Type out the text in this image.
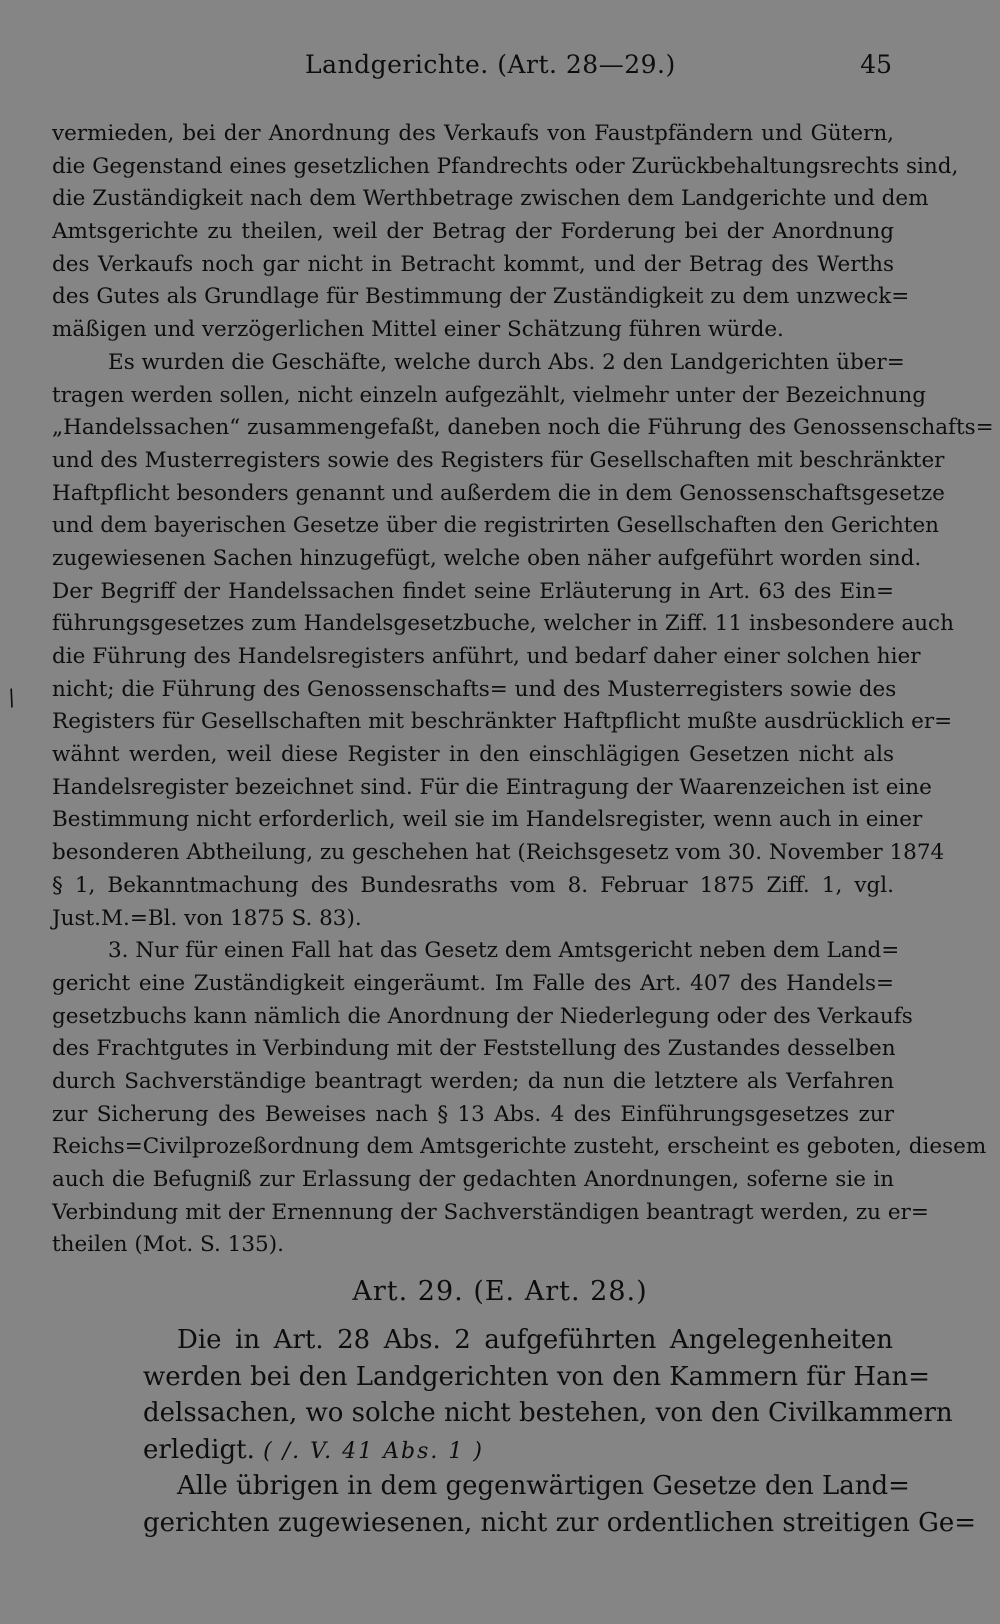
Landgerichte. (Art. 28—29.)	45
/
vermieden, bei der Anordnung des Verkaufs von Faustpfändern und Gütern,
die Gegenstand eines gesetzlichen Pfandrechts oder Zurückbehaltungsrechts sind,
die Zuständigkeit nach dem Werthbetrage zwischen dem Landgerichte und dem
Amtsgerichte zu theilen, weil der Betrag der Forderung bei der Anordnung
des Verkaufs noch gar nicht in Betracht kommt, und der Betrag des Werths
des Gutes als Grundlage für Bestimmung der Zuständigkeit zu dem unzweck=
mäßigen und verzögerlichen Mittel einer Schätzung führen würde.
Es wurden die Geschäfte, welche durch Abs. 2 den Landgerichten über=
tragen werden sollen, nicht einzeln aufgezählt, vielmehr unter der Bezeichnung
„Handelssachen“ zusammengefaßt, daneben noch die Führung des Genossenschafts=
und des Musterregisters sowie des Registers für Gesellschaften mit beschränkter
Haftpflicht besonders genannt und außerdem die in dem Genossenschaftsgesetze
und dem bayerischen Gesetze über die registrirten Gesellschaften den Gerichten
zugewiesenen Sachen hinzugefügt, welche oben näher aufgeführt worden sind.
Der Begriff der Handelssachen findet seine Erläuterung in Art. 63 des Ein=
führungsgesetzes zum Handelsgesetzbuche, welcher in Ziff. 11 insbesondere auch
die Führung des Handelsregisters anführt, und bedarf daher einer solchen hier
nicht; die Führung des Genossenschafts= und des Musterregisters sowie des
Registers für Gesellschaften mit beschränkter Haftpflicht mußte ausdrücklich er=
wähnt werden, weil diese Register in den einschlägigen Gesetzen nicht als
Handelsregister bezeichnet sind. Für die Eintragung der Waarenzeichen ist eine
Bestimmung nicht erforderlich, weil sie im Handelsregister, wenn auch in einer
besonderen Abtheilung, zu geschehen hat (Reichsgesetz vom 30. November 1874
§ 1, Bekanntmachung des Bundesraths vom 8. Februar 1875 Ziff. 1, vgl.
Just.M.=Bl. von 1875 S. 83).
3. Nur für einen Fall hat das Gesetz dem Amtsgericht neben dem Land=
gericht eine Zuständigkeit eingeräumt. Im Falle des Art. 407 des Handels=
gesetzbuchs kann nämlich die Anordnung der Niederlegung oder des Verkaufs
des Frachtgutes in Verbindung mit der Feststellung des Zustandes desselben
durch Sachverständige beantragt werden; da nun die letztere als Verfahren
zur Sicherung des Beweises nach § 13 Abs. 4 des Einführungsgesetzes zur
Reichs=Civilprozeßordnung dem Amtsgerichte zusteht, erscheint es geboten, diesem
auch die Befugniß zur Erlassung der gedachten Anordnungen, soferne sie in
Verbindung mit der Ernennung der Sachverständigen beantragt werden, zu er=
theilen (Mot. S. 135).
Art. 29. (E. Art. 28.)
Die in Art. 28 Abs. 2 aufgeführten Angelegenheiten
werden bei den Landgerichten von den Kammern für Han=
delssachen, wo solche nicht bestehen, von den Civilkammern
erledigt. ( /. V. 41 Abs. 1 )
Alle übrigen in dem gegenwärtigen Gesetze den Land=
gerichten zugewiesenen, nicht zur ordentlichen streitigen Ge=
